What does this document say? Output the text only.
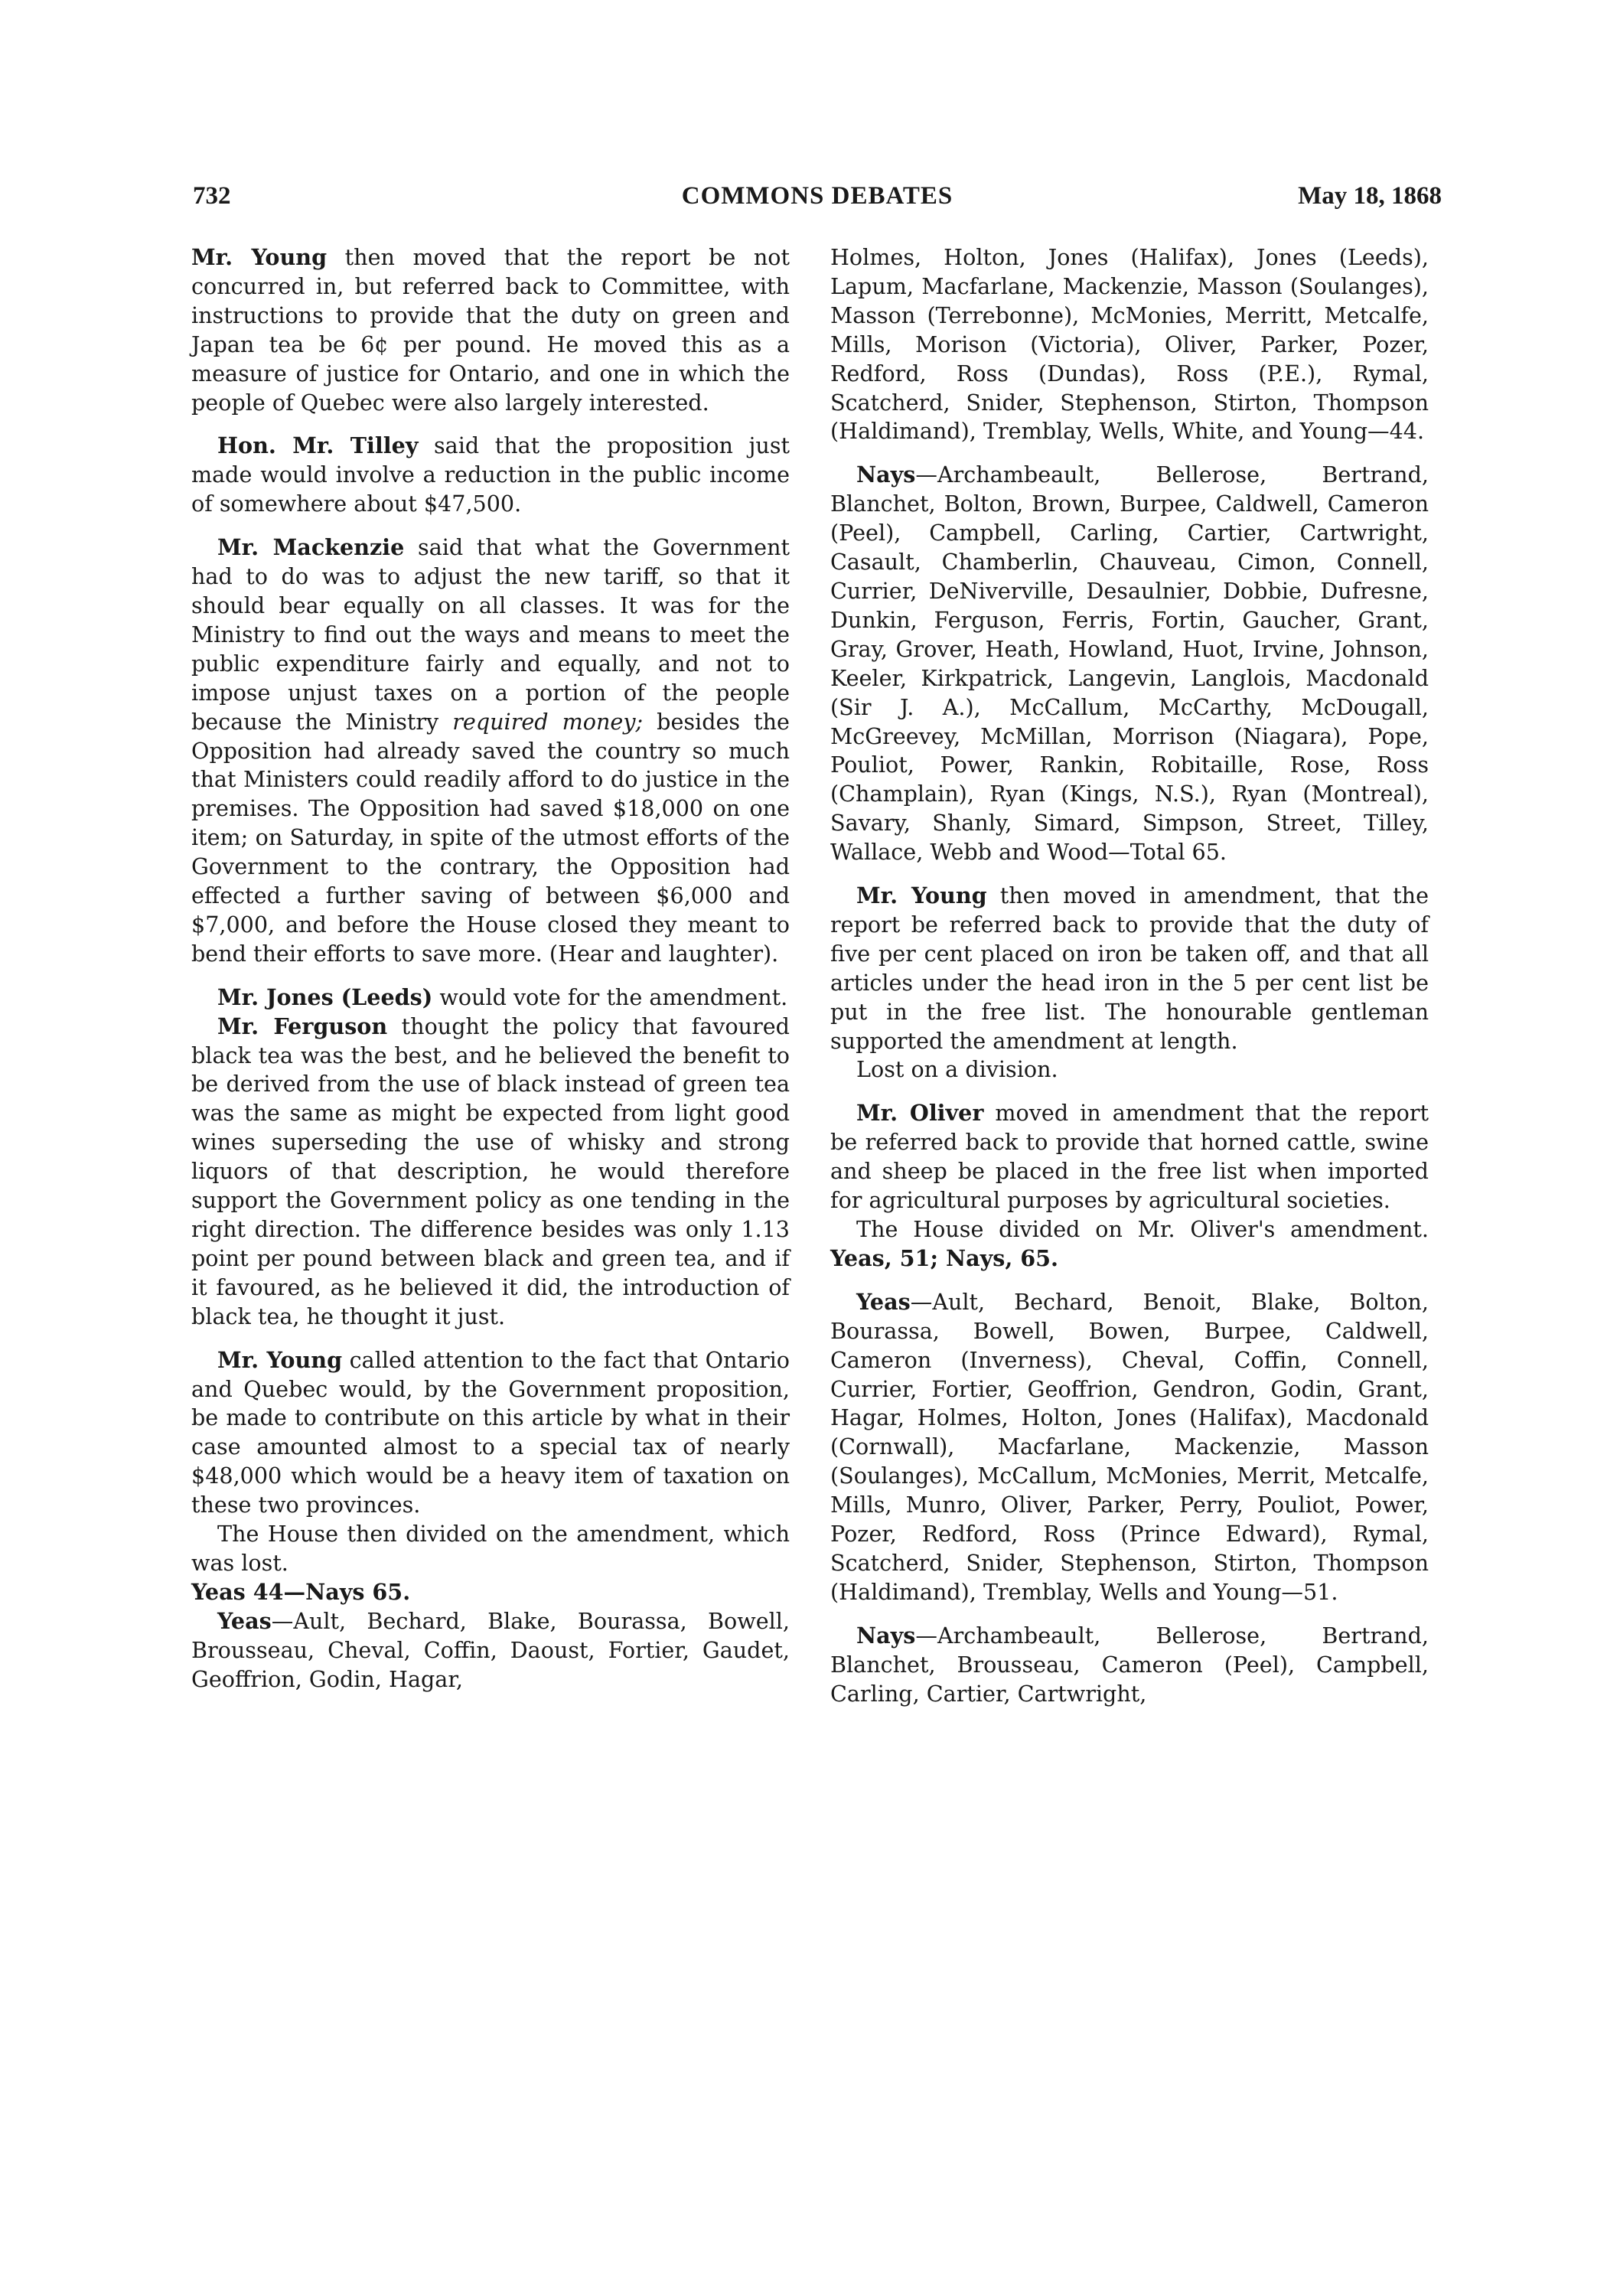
732	COMMONS DEBATES	May 18, 1868

Mr. Young then moved that the report be not concurred in, but referred back to Committee, with instructions to provide that the duty on green and Japan tea be 6¢ per pound. He moved this as a measure of justice for Ontario, and one in which the people of Quebec were also largely interested.

Hon. Mr. Tilley said that the proposition just made would involve a reduction in the public income of somewhere about $47,500.

Mr. Mackenzie said that what the Government had to do was to adjust the new tariff, so that it should bear equally on all classes. It was for the Ministry to find out the ways and means to meet the public expenditure fairly and equally, and not to impose unjust taxes on a portion of the people because the Ministry required money; besides the Opposition had already saved the country so much that Ministers could readily afford to do justice in the premises. The Opposition had saved $18,000 on one item; on Saturday, in spite of the utmost efforts of the Government to the contrary, the Opposition had effected a further saving of between $6,000 and $7,000, and before the House closed they meant to bend their efforts to save more. (Hear and laughter).

Mr. Jones (Leeds) would vote for the amendment.

Mr. Ferguson thought the policy that favoured black tea was the best, and he believed the benefit to be derived from the use of black instead of green tea was the same as might be expected from light good wines superseding the use of whisky and strong liquors of that description, he would therefore support the Government policy as one tending in the right direction. The difference besides was only 1.13 point per pound between black and green tea, and if it favoured, as he believed it did, the introduction of black tea, he thought it just.

Mr. Young called attention to the fact that Ontario and Quebec would, by the Government proposition, be made to contribute on this article by what in their case amounted almost to a special tax of nearly $48,000 which would be a heavy item of taxation on these two provinces.

The House then divided on the amendment, which was lost.

Yeas 44—Nays 65.

Yeas—Ault, Bechard, Blake, Bourassa, Bowell, Brousseau, Cheval, Coffin, Daoust, Fortier, Gaudet, Geoffrion, Godin, Hagar,

Holmes, Holton, Jones (Halifax), Jones (Leeds), Lapum, Macfarlane, Mackenzie, Masson (Soulanges), Masson (Terrebonne), McMonies, Merritt, Metcalfe, Mills, Morison (Victoria), Oliver, Parker, Pozer, Redford, Ross (Dundas), Ross (P.E.), Rymal, Scatcherd, Snider, Stephenson, Stirton, Thompson (Haldimand), Tremblay, Wells, White, and Young—44.

Nays—Archambeault, Bellerose, Bertrand, Blanchet, Bolton, Brown, Burpee, Caldwell, Cameron (Peel), Campbell, Carling, Cartier, Cartwright, Casault, Chamberlin, Chauveau, Cimon, Connell, Currier, DeNiverville, Desaulnier, Dobbie, Dufresne, Dunkin, Ferguson, Ferris, Fortin, Gaucher, Grant, Gray, Grover, Heath, Howland, Huot, Irvine, Johnson, Keeler, Kirkpatrick, Langevin, Langlois, Macdonald (Sir J. A.), McCallum, McCarthy, McDougall, McGreevey, McMillan, Morrison (Niagara), Pope, Pouliot, Power, Rankin, Robitaille, Rose, Ross (Champlain), Ryan (Kings, N.S.), Ryan (Montreal), Savary, Shanly, Simard, Simpson, Street, Tilley, Wallace, Webb and Wood—Total 65.

Mr. Young then moved in amendment, that the report be referred back to provide that the duty of five per cent placed on iron be taken off, and that all articles under the head iron in the 5 per cent list be put in the free list. The honourable gentleman supported the amendment at length.

Lost on a division.

Mr. Oliver moved in amendment that the report be referred back to provide that horned cattle, swine and sheep be placed in the free list when imported for agricultural purposes by agricultural societies.

The House divided on Mr. Oliver's amendment. Yeas, 51; Nays, 65.

Yeas—Ault, Bechard, Benoit, Blake, Bolton, Bourassa, Bowell, Bowen, Burpee, Caldwell, Cameron (Inverness), Cheval, Coffin, Connell, Currier, Fortier, Geoffrion, Gendron, Godin, Grant, Hagar, Holmes, Holton, Jones (Halifax), Macdonald (Cornwall), Macfarlane, Mackenzie, Masson (Soulanges), McCallum, McMonies, Merrit, Metcalfe, Mills, Munro, Oliver, Parker, Perry, Pouliot, Power, Pozer, Redford, Ross (Prince Edward), Rymal, Scatcherd, Snider, Stephenson, Stirton, Thompson (Haldimand), Tremblay, Wells and Young—51.

Nays—Archambeault, Bellerose, Bertrand, Blanchet, Brousseau, Cameron (Peel), Campbell, Carling, Cartier, Cartwright,
